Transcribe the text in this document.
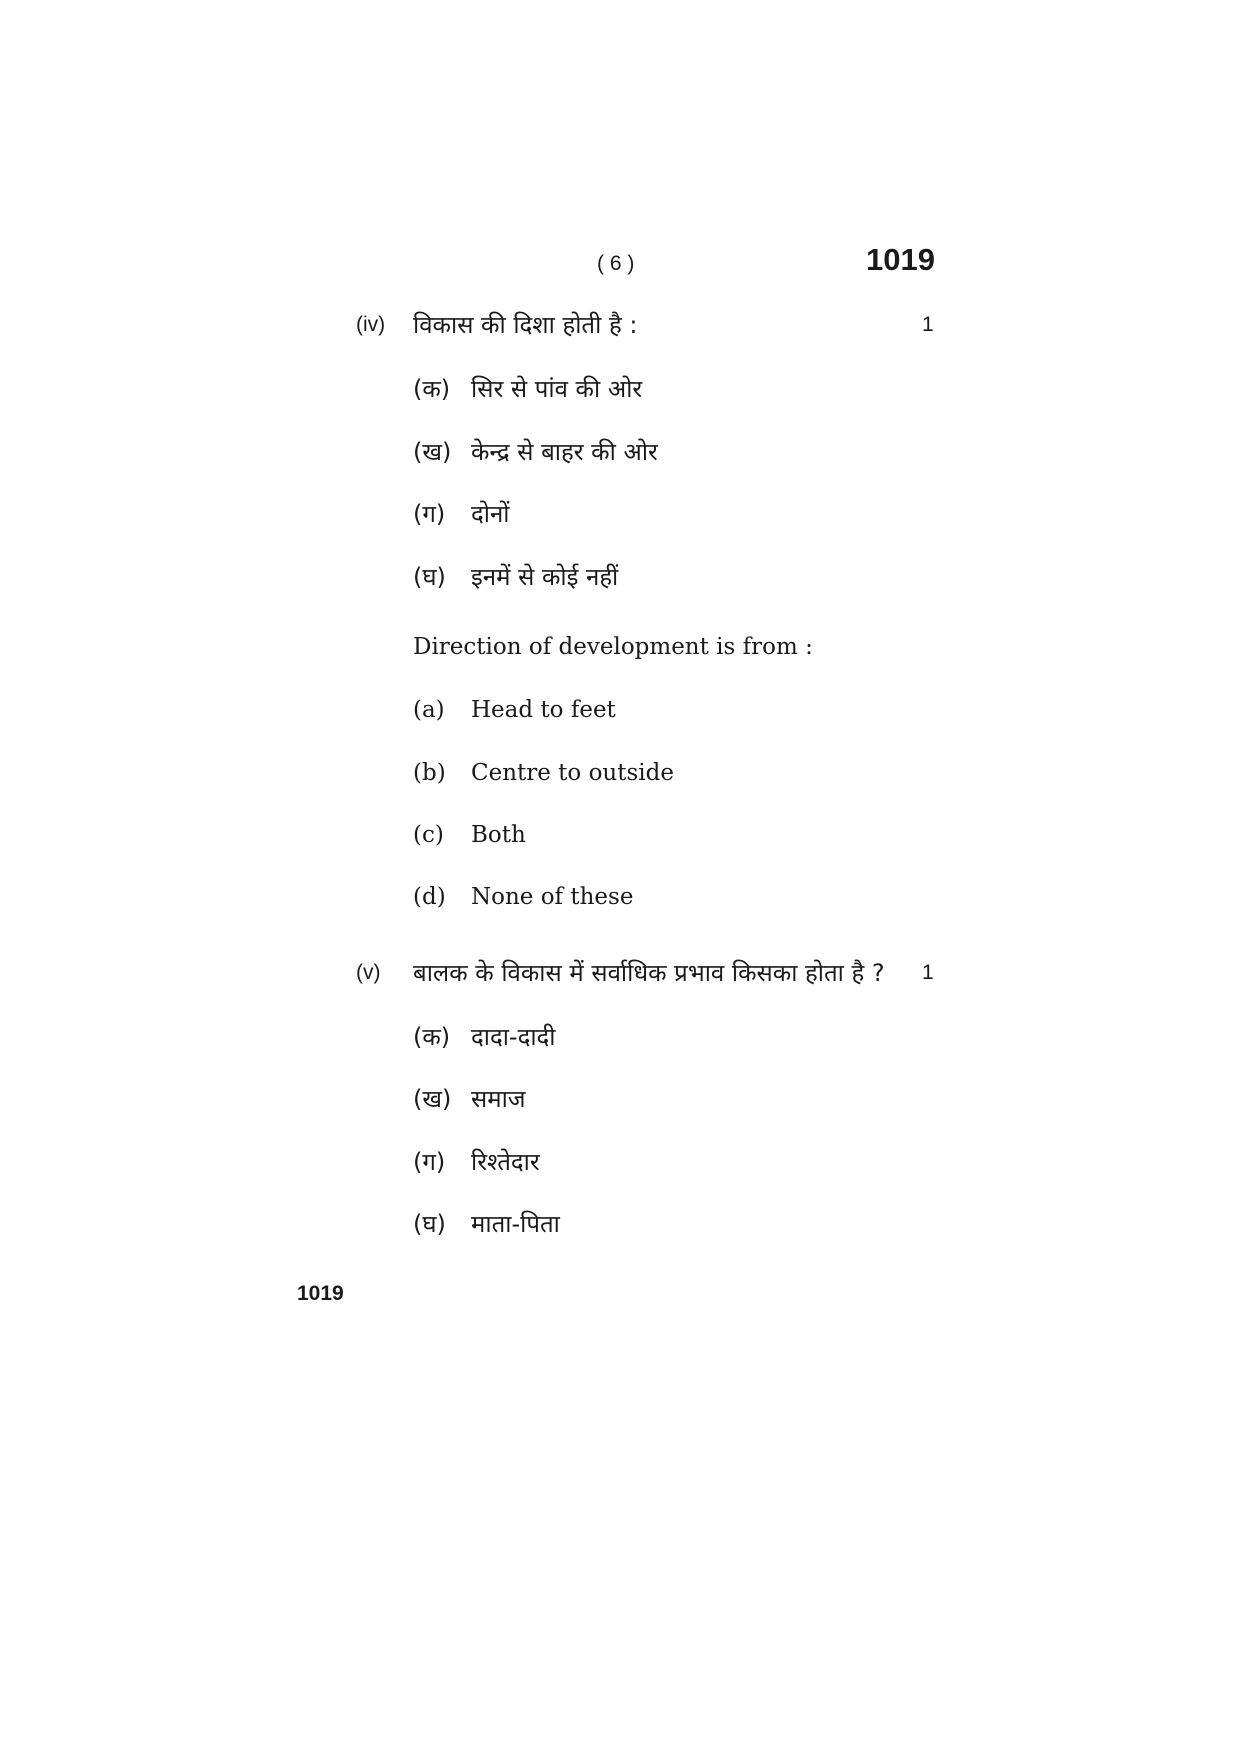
( 6 )	1019
(iv) विकास की दिशा होती है :	1
(क) सिर से पांव की ओर
(ख) केन्द्र से बाहर की ओर
(ग) दोनों
(घ) इनमें से कोई नहीं
Direction of development is from :
(a) Head to feet
(b) Centre to outside
(c) Both
(d) None of these
(v) बालक के विकास में सर्वाधिक प्रभाव किसका होता है ? 1
(क) दादा-दादी
(ख) समाज
(ग) रिश्तेदार
(घ) माता-पिता
1019
